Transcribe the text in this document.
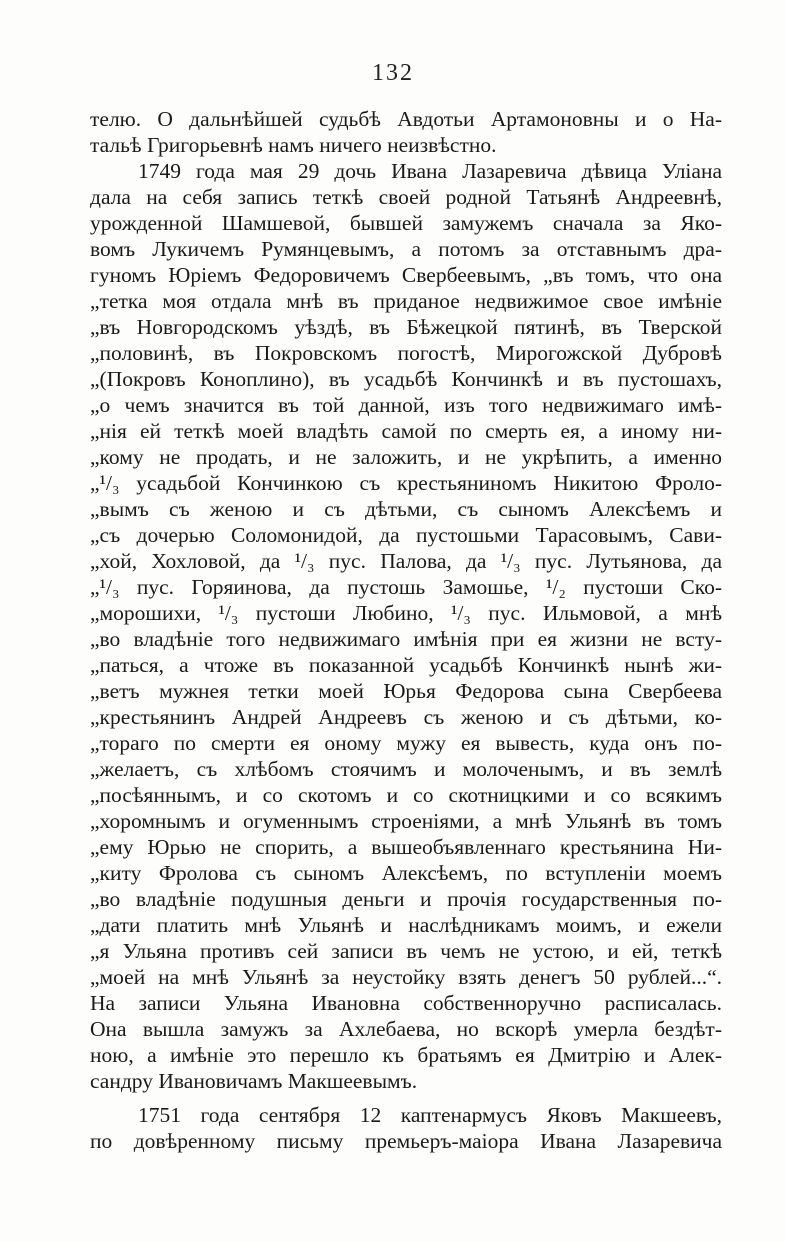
132
телю. О дальнѣйшей судьбѣ Авдотьи Артамоновны и о На-
тальѣ Григорьевнѣ намъ ничего неизвѣстно.
1749 года мая 29 дочь Ивана Лазаревича дѣвица Уліана
дала на себя запись теткѣ своей родной Татьянѣ Андреевнѣ,
урожденной Шамшевой, бывшей замужемъ сначала за Яко-
вомъ Лукичемъ Румянцевымъ, а потомъ за отставнымъ дра-
гуномъ Юріемъ Федоровичемъ Свербеевымъ, „въ томъ, что она
„тетка моя отдала мнѣ въ приданое недвижимое свое имѣніе
„въ Новгородскомъ уѣздѣ, въ Бѣжецкой пятинѣ, въ Тверской
„половинѣ, въ Покровскомъ погостѣ, Мирогожской Дубровѣ
„(Покровъ Коноплино), въ усадьбѣ Кончинкѣ и въ пустошахъ,
„о чемъ значится въ той данной, изъ того недвижимаго имѣ-
„нія ей теткѣ моей владѣть самой по смерть ея, а иному ни-
„кому не продать, и не заложить, и не укрѣпить, а именно
„¹/₃ усадьбой Кончинкою съ крестьяниномъ Никитою Фроло-
„вымъ съ женою и съ дѣтьми, съ сыномъ Алексѣемъ и
„съ дочерью Соломонидой, да пустошьми Тарасовымъ, Сави-
„хой, Хохловой, да ¹/₃ пус. Палова, да ¹/₃ пус. Лутьянова, да
„¹/₃ пус. Горяинова, да пустошь Замошье, ¹/₂ пустоши Ско-
„морошихи, ¹/₃ пустоши Любино, ¹/₃ пус. Ильмовой, а мнѣ
„во владѣніе того недвижимаго имѣнія при ея жизни не всту-
„паться, а чтоже въ показанной усадьбѣ Кончинкѣ нынѣ жи-
„ветъ мужнея тетки моей Юрья Федорова сына Свербеева
„крестьянинъ Андрей Андреевъ съ женою и съ дѣтьми, ко-
„тораго по смерти ея оному мужу ея вывесть, куда онъ по-
„желаетъ, съ хлѣбомъ стоячимъ и молоченымъ, и въ землѣ
„посѣяннымъ, и со скотомъ и со скотницкими и со всякимъ
„хоромнымъ и огуменнымъ строеніями, а мнѣ Ульянѣ въ томъ
„ему Юрью не спорить, а вышеобъявленнаго крестьянина Ни-
„киту Фролова съ сыномъ Алексѣемъ, по вступленіи моемъ
„во владѣніе подушныя деньги и прочія государственныя по-
„дати платить мнѣ Ульянѣ и наслѣдникамъ моимъ, и ежели
„я Ульяна противъ сей записи въ чемъ не устою, и ей, теткѣ
„моей на мнѣ Ульянѣ за неустойку взять денегъ 50 рублей...“.
На записи Ульяна Ивановна собственноручно расписалась.
Она вышла замужъ за Ахлебаева, но вскорѣ умерла бездѣт-
ною, а имѣніе это перешло къ братьямъ ея Дмитрію и Алек-
сандру Ивановичамъ Макшеевымъ.
1751 года сентября 12 каптенармусъ Яковъ Макшеевъ,
по довѣренному письму премьеръ-маіора Ивана Лазаревича
